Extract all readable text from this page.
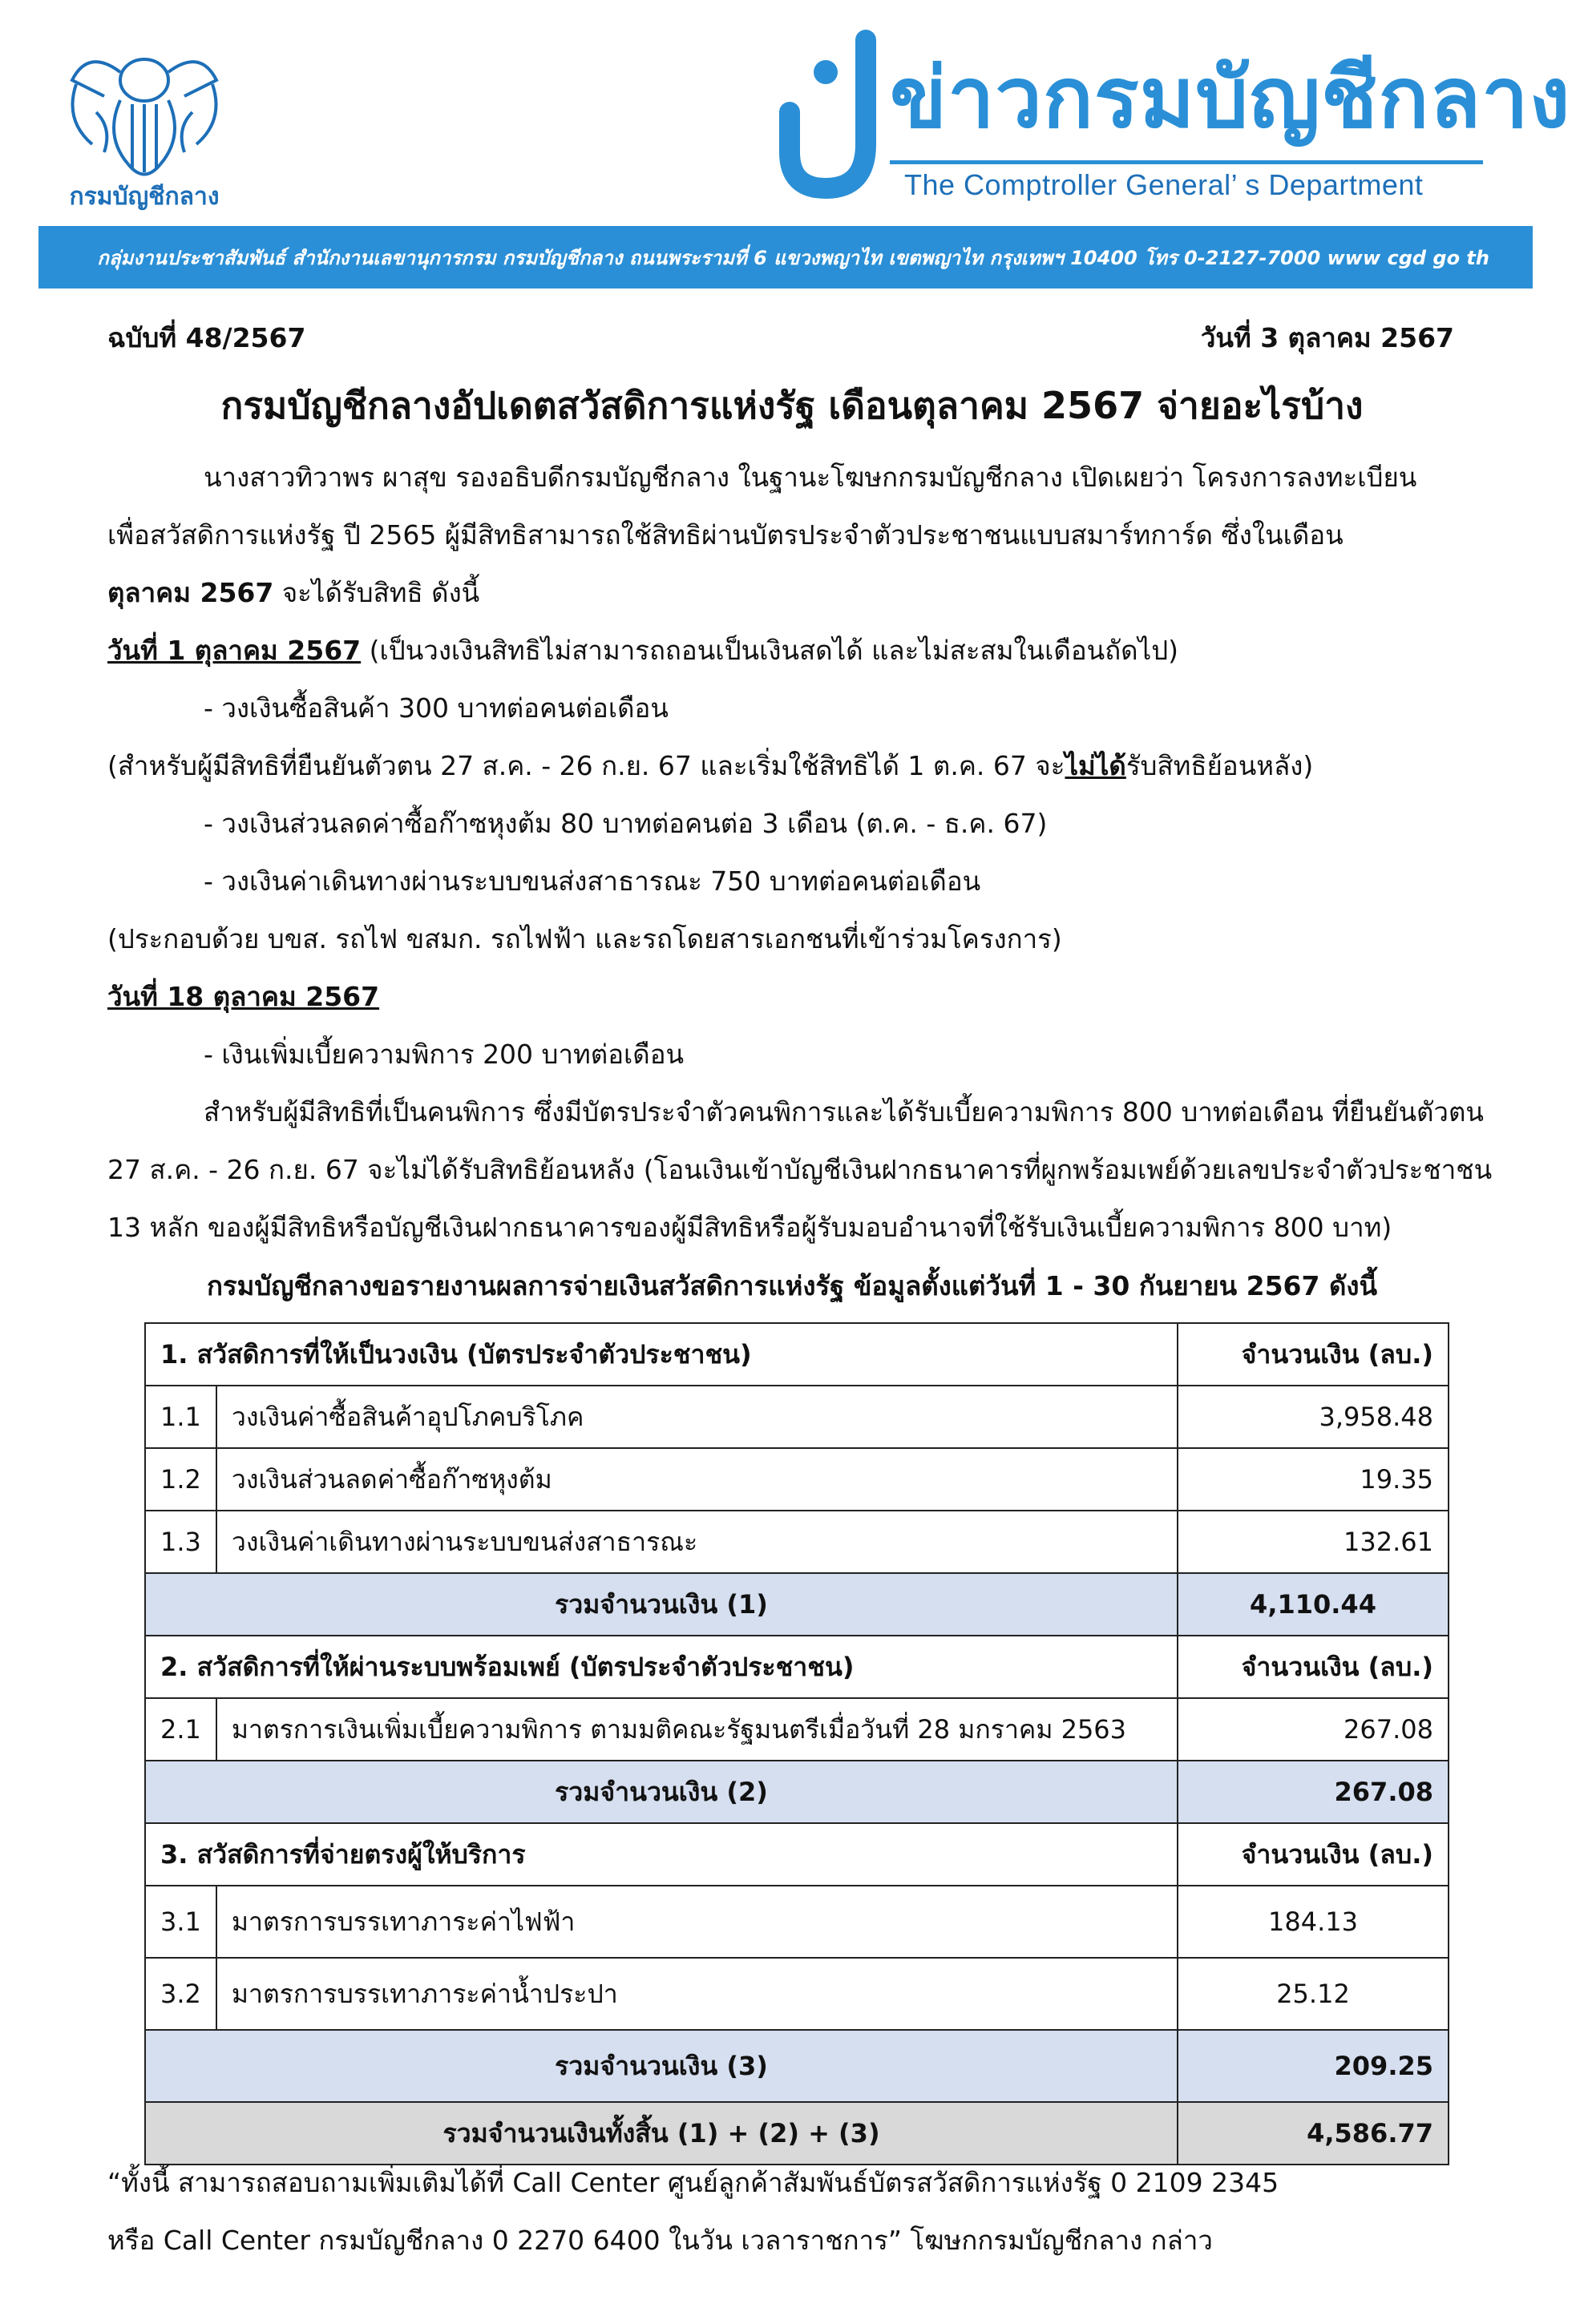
กรมบัญชีกลาง
ข่าวกรมบัญชีกลาง
The Comptroller General’ s Department
กลุ่มงานประชาสัมพันธ์ สำนักงานเลขานุการกรม กรมบัญชีกลาง ถนนพระรามที่ 6 แขวงพญาไท เขตพญาไท กรุงเทพฯ 10400 โทร 0-2127-7000 www cgd go th
ฉบับที่ 48/2567	วันที่ 3 ตุลาคม 2567
กรมบัญชีกลางอัปเดตสวัสดิการแห่งรัฐ เดือนตุลาคม 2567 จ่ายอะไรบ้าง

นางสาวทิวาพร ผาสุข รองอธิบดีกรมบัญชีกลาง ในฐานะโฆษกกรมบัญชีกลาง เปิดเผยว่า โครงการลงทะเบียน

เพื่อสวัสดิการแห่งรัฐ ปี 2565 ผู้มีสิทธิสามารถใช้สิทธิผ่านบัตรประจำตัวประชาชนแบบสมาร์ทการ์ด ซึ่งในเดือน

ตุลาคม 2567 จะได้รับสิทธิ ดังนี้

วันที่ 1 ตุลาคม 2567 (เป็นวงเงินสิทธิไม่สามารถถอนเป็นเงินสดได้ และไม่สะสมในเดือนถัดไป)

- วงเงินซื้อสินค้า 300 บาทต่อคนต่อเดือน

(สำหรับผู้มีสิทธิที่ยืนยันตัวตน 27 ส.ค. - 26 ก.ย. 67 และเริ่มใช้สิทธิได้ 1 ต.ค. 67 จะไม่ได้รับสิทธิย้อนหลัง)

- วงเงินส่วนลดค่าซื้อก๊าซหุงต้ม 80 บาทต่อคนต่อ 3 เดือน (ต.ค. - ธ.ค. 67)

- วงเงินค่าเดินทางผ่านระบบขนส่งสาธารณะ 750 บาทต่อคนต่อเดือน

(ประกอบด้วย บขส. รถไฟ ขสมก. รถไฟฟ้า และรถโดยสารเอกชนที่เข้าร่วมโครงการ)

วันที่ 18 ตุลาคม 2567

- เงินเพิ่มเบี้ยความพิการ 200 บาทต่อเดือน

สำหรับผู้มีสิทธิที่เป็นคนพิการ ซึ่งมีบัตรประจำตัวคนพิการและได้รับเบี้ยความพิการ 800 บาทต่อเดือน ที่ยืนยันตัวตน

27 ส.ค. - 26 ก.ย. 67 จะไม่ได้รับสิทธิย้อนหลัง (โอนเงินเข้าบัญชีเงินฝากธนาคารที่ผูกพร้อมเพย์ด้วยเลขประจำตัวประชาชน

13 หลัก ของผู้มีสิทธิหรือบัญชีเงินฝากธนาคารของผู้มีสิทธิหรือผู้รับมอบอำนาจที่ใช้รับเงินเบี้ยความพิการ 800 บาท)

กรมบัญชีกลางขอรายงานผลการจ่ายเงินสวัสดิการแห่งรัฐ ข้อมูลตั้งแต่วันที่ 1 - 30 กันยายน 2567 ดังนี้
1. สวัสดิการที่ให้เป็นวงเงิน (บัตรประจำตัวประชาชน)		จำนวนเงิน (ลบ.)
1.1	วงเงินค่าซื้อสินค้าอุปโภคบริโภค	3,958.48
1.2	วงเงินส่วนลดค่าซื้อก๊าซหุงต้ม	19.35
1.3	วงเงินค่าเดินทางผ่านระบบขนส่งสาธารณะ	132.61
รวมจำนวนเงิน (1)		4,110.44
2. สวัสดิการที่ให้ผ่านระบบพร้อมเพย์ (บัตรประจำตัวประชาชน)		จำนวนเงิน (ลบ.)
2.1	มาตรการเงินเพิ่มเบี้ยความพิการ ตามมติคณะรัฐมนตรีเมื่อวันที่ 28 มกราคม 2563	267.08
รวมจำนวนเงิน (2)		267.08
3. สวัสดิการที่จ่ายตรงผู้ให้บริการ		จำนวนเงิน (ลบ.)
3.1	มาตรการบรรเทาภาระค่าไฟฟ้า	184.13
3.2	มาตรการบรรเทาภาระค่าน้ำประปา	25.12
รวมจำนวนเงิน (3)		209.25
รวมจำนวนเงินทั้งสิ้น (1) + (2) + (3)		4,586.77

“ทั้งนี้ สามารถสอบถามเพิ่มเติมได้ที่ Call Center ศูนย์ลูกค้าสัมพันธ์บัตรสวัสดิการแห่งรัฐ 0 2109 2345

หรือ Call Center กรมบัญชีกลาง 0 2270 6400 ในวัน เวลาราชการ” โฆษกกรมบัญชีกลาง กล่าว
